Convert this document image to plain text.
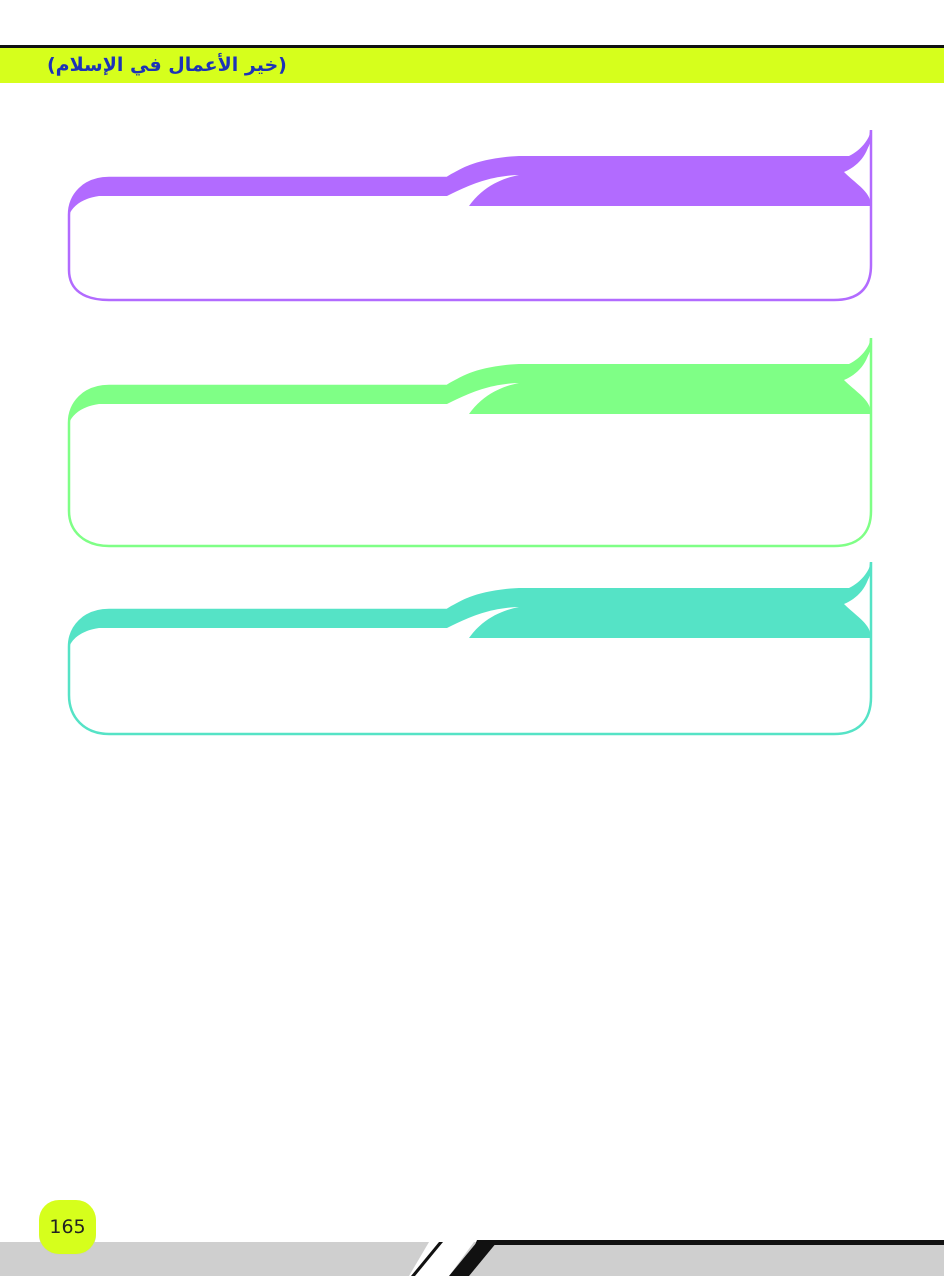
(خير الأعمال في الإسلام)
165
